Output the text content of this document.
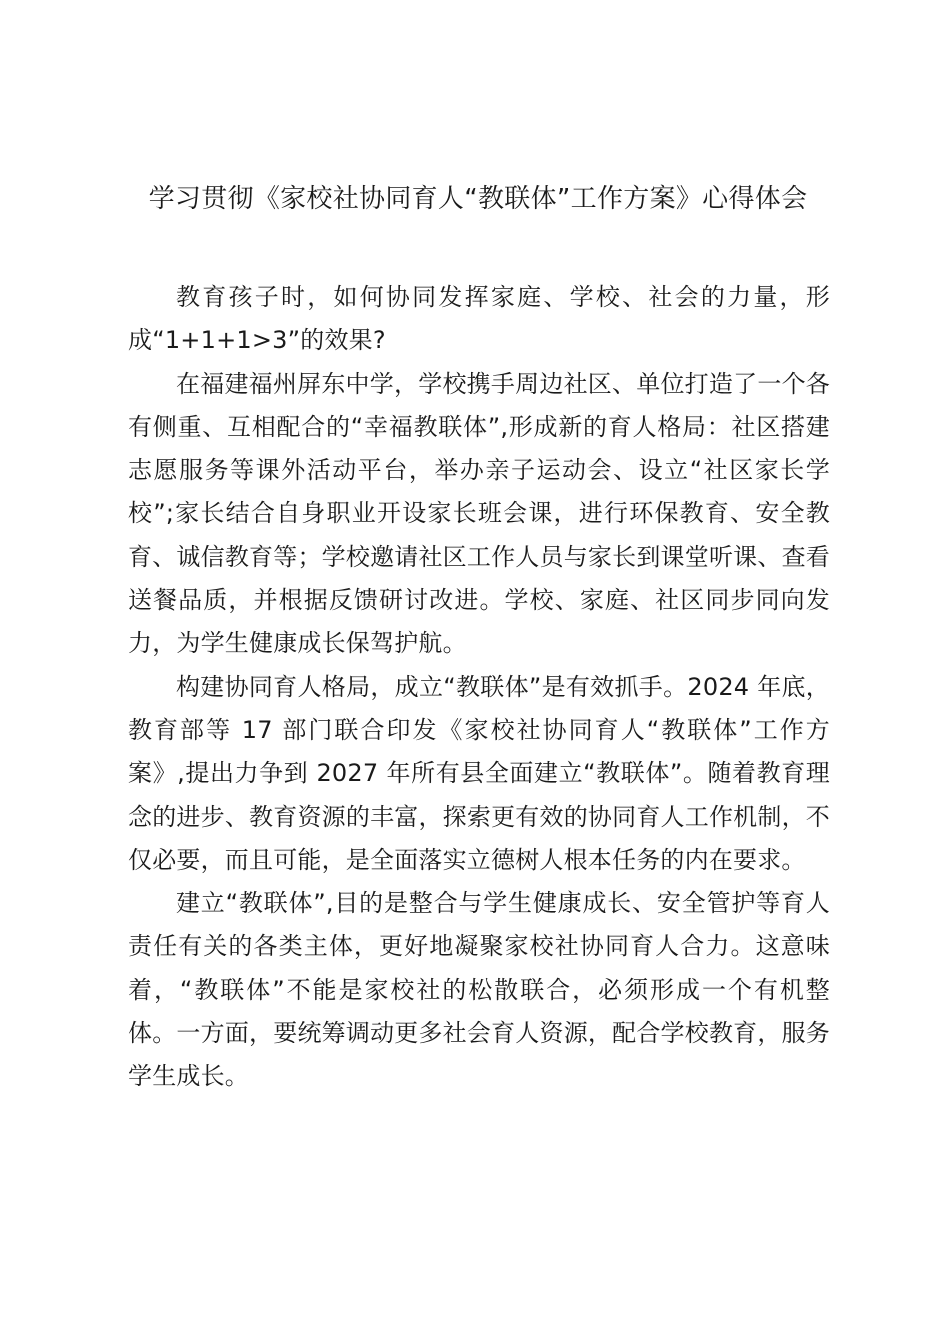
学习贯彻《家校社协同育人“教联体”工作方案》心得体会

教育孩子时，如何协同发挥家庭、学校、社会的力量，形成“1+1+1>3”的效果?

在福建福州屏东中学，学校携手周边社区、单位打造了一个各有侧重、互相配合的“幸福教联体”,形成新的育人格局：社区搭建志愿服务等课外活动平台，举办亲子运动会、设立“社区家长学校”;家长结合自身职业开设家长班会课，进行环保教育、安全教育、诚信教育等；学校邀请社区工作人员与家长到课堂听课、查看送餐品质，并根据反馈研讨改进。学校、家庭、社区同步同向发力，为学生健康成长保驾护航。

构建协同育人格局，成立“教联体”是有效抓手。2024 年底，教育部等 17 部门联合印发《家校社协同育人“教联体”工作方案》,提出力争到 2027 年所有县全面建立“教联体”。随着教育理念的进步、教育资源的丰富，探索更有效的协同育人工作机制，不仅必要，而且可能，是全面落实立德树人根本任务的内在要求。

建立“教联体”,目的是整合与学生健康成长、安全管护等育人责任有关的各类主体，更好地凝聚家校社协同育人合力。这意味着，“教联体”不能是家校社的松散联合，必须形成一个有机整体。一方面，要统筹调动更多社会育人资源，配合学校教育，服务学生成长。
